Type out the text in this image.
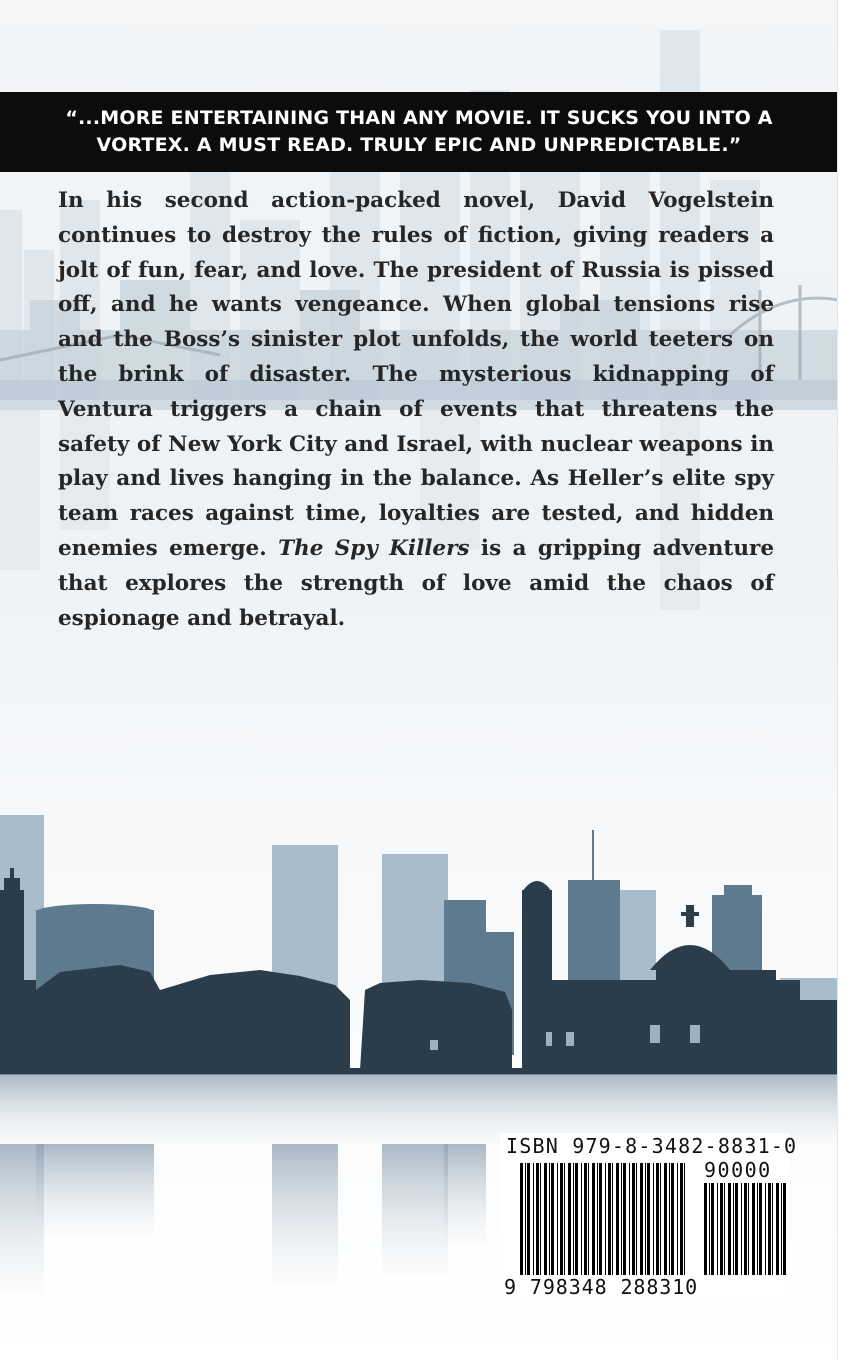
“...MORE ENTERTAINING THAN ANY MOVIE. IT SUCKS YOU INTO A VORTEX. A MUST READ. TRULY EPIC AND UNPREDICTABLE.”

In his second action-packed novel, David Vogelstein continues to destroy the rules of fiction, giving readers a jolt of fun, fear, and love. The president of Russia is pissed off, and he wants vengeance. When global tensions rise and the Boss’s sinister plot unfolds, the world teeters on the brink of disaster. The mysterious kidnapping of Ventura triggers a chain of events that threatens the safety of New York City and Israel, with nuclear weapons in play and lives hanging in the balance. As Heller’s elite spy team races against time, loyalties are tested, and hidden enemies emerge. The Spy Killers is a gripping adventure that explores the strength of love amid the chaos of espionage and betrayal.

ISBN 979-8-3482-8831-0
90000
9 798348 288310
